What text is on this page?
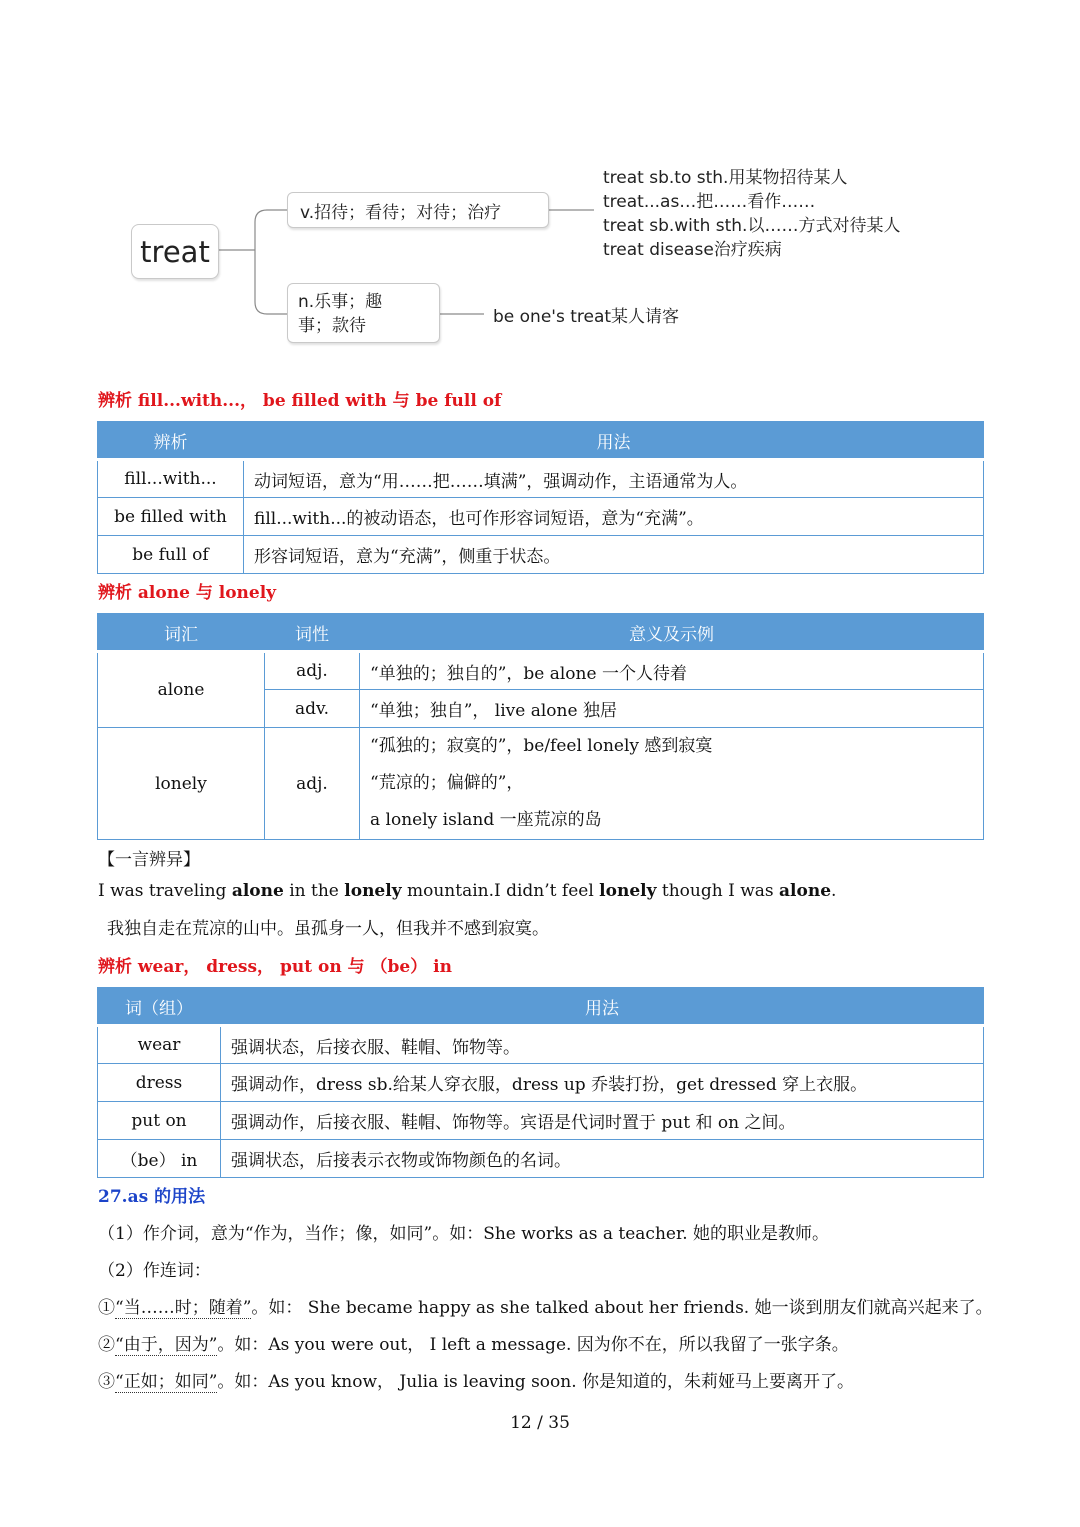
treat
v.招待；看待；对待；治疗
n.乐事；趣
事；款待
treat sb.to sth.用某物招待某人
treat...as…把……看作……
treat sb.with sth.以……方式对待某人
treat disease治疗疾病
be one's treat某人请客
辨析 fill...with...， be filled with 与 be full of
辨析	用法
fill...with...	动词短语，意为“用……把……填满”，强调动作，主语通常为人。
be filled with	fill...with...的被动语态，也可作形容词短语，意为“充满”。
be full of	形容词短语，意为“充满”，侧重于状态。
辨析 alone 与 lonely
词汇	词性	意义及示例
alone	adj.	“单独的；独自的”，be alone 一个人待着
	adv.	“单独；独自”， live alone 独居
lonely	adj.	“孤独的；寂寞的”，be/feel lonely 感到寂寞
“荒凉的；偏僻的”，
a lonely island 一座荒凉的岛
【一言辨异】
I was traveling alone in the lonely mountain.I didn’t feel lonely though I was alone.
我独自走在荒凉的山中。虽孤身一人，但我并不感到寂寞。
辨析 wear， dress， put on 与 （be） in
词（组）	用法
wear	强调状态，后接衣服、鞋帽、饰物等。
dress	强调动作，dress sb.给某人穿衣服，dress up 乔装打扮，get dressed 穿上衣服。
put on	强调动作，后接衣服、鞋帽、饰物等。宾语是代词时置于 put 和 on 之间。
（be） in	强调状态，后接表示衣物或饰物颜色的名词。
27.as 的用法
（1）作介词，意为“作为，当作；像，如同”。如：She works as a teacher. 她的职业是教师。
（2）作连词：
①“当……时；随着”。如： She became happy as she talked about her friends. 她一谈到朋友们就高兴起来了。
②“由于，因为”。如：As you were out， I left a message. 因为你不在，所以我留了一张字条。
③“正如；如同”。如：As you know， Julia is leaving soon. 你是知道的，朱莉娅马上要离开了。
12 / 35
